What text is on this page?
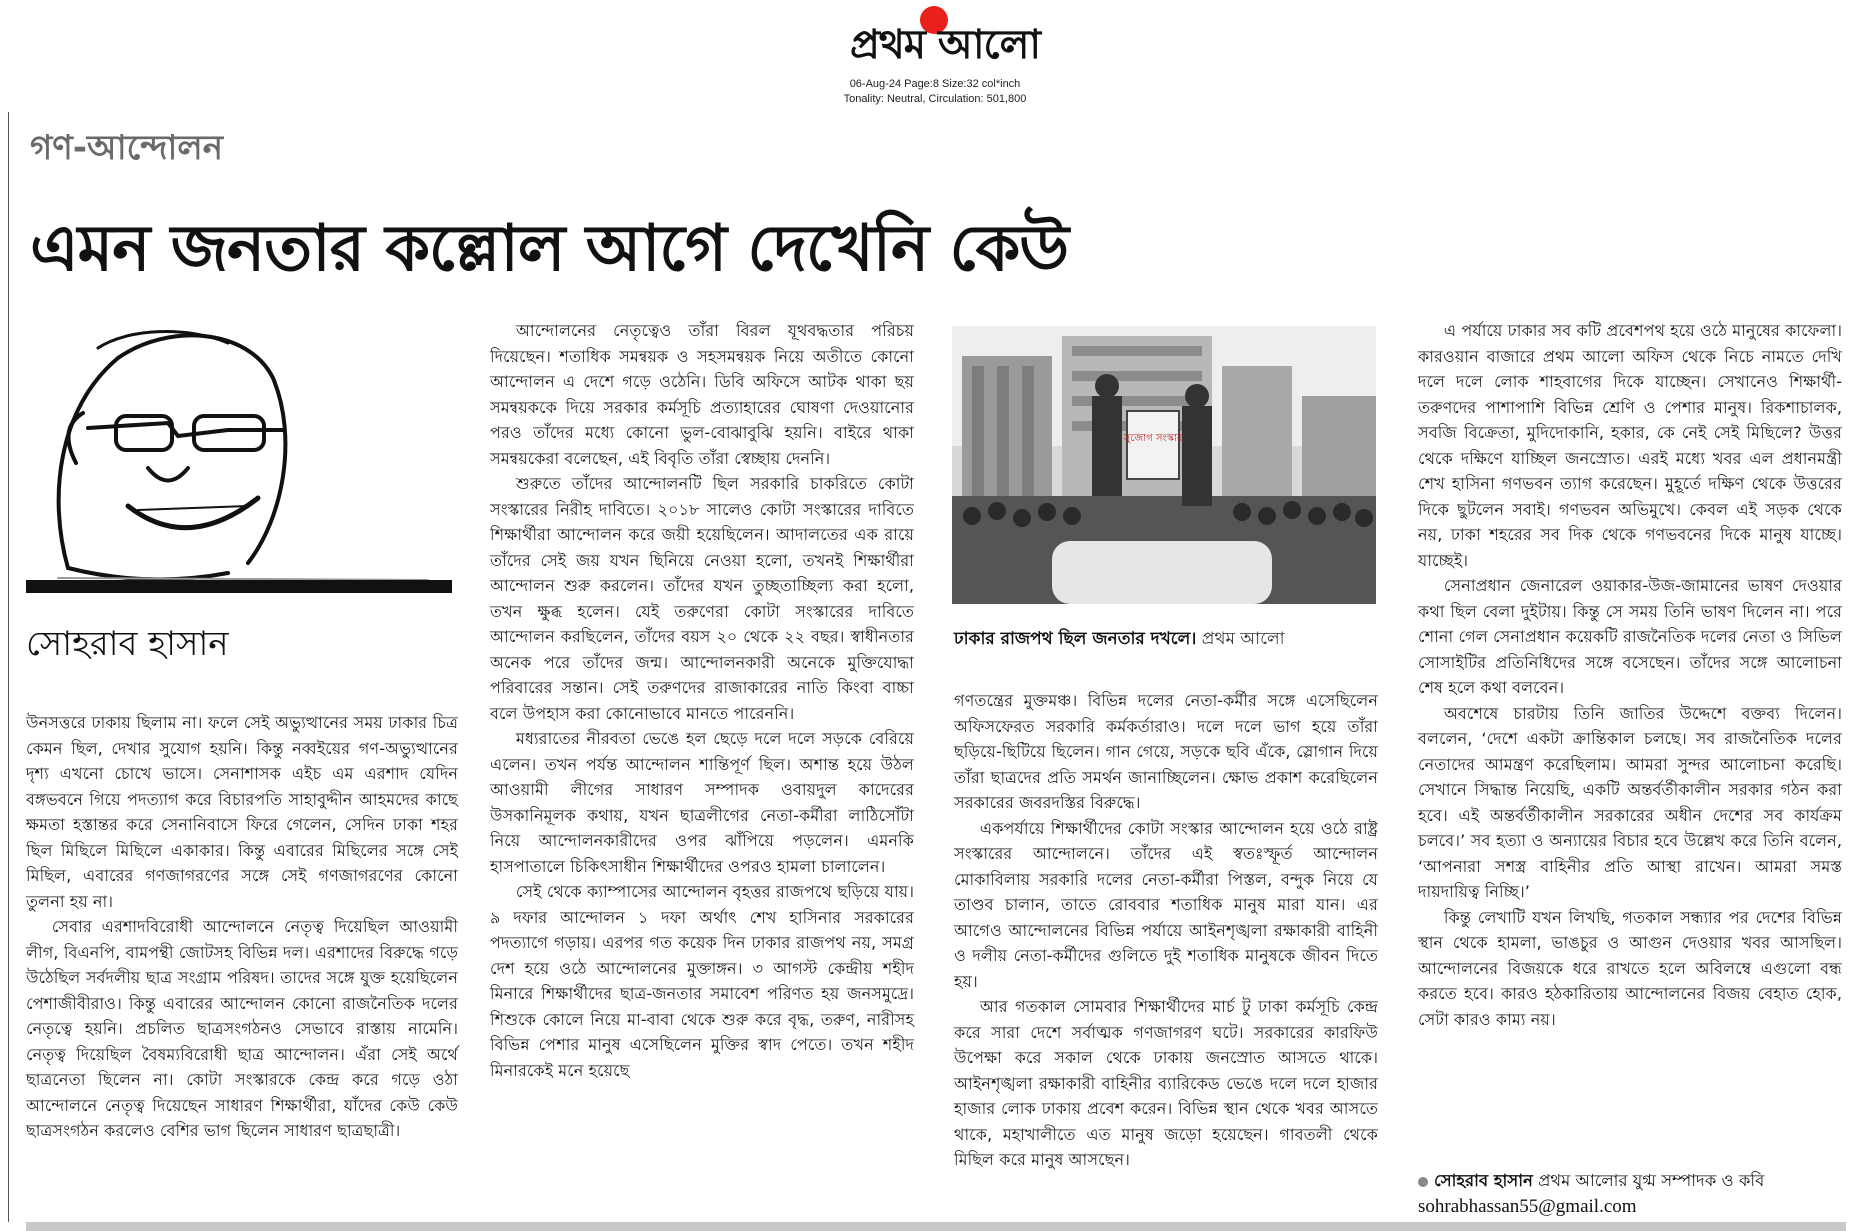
প্রথম আলো
06-Aug-24 Page:8 Size:32 col*inch
Tonality: Neutral, Circulation: 501,800
গণ-আন্দোলন
এমন জনতার কল্লোল আগে দেখেনি কেউ
সোহরাব হাসান

উনসত্তরে ঢাকায় ছিলাম না। ফলে সেই অভ্যুত্থানের সময় ঢাকার চিত্র কেমন ছিল, দেখার সুযোগ হয়নি। কিন্তু নব্বইয়ের গণ-অভ্যুত্থানের দৃশ্য এখনো চোখে ভাসে। সেনাশাসক এইচ এম এরশাদ যেদিন বঙ্গভবনে গিয়ে পদত্যাগ করে বিচারপতি সাহাবুদ্দীন আহমদের কাছে ক্ষমতা হস্তান্তর করে সেনানিবাসে ফিরে গেলেন, সেদিন ঢাকা শহর ছিল মিছিলে মিছিলে একাকার। কিন্তু এবারের মিছিলের সঙ্গে সেই মিছিল, এবারের গণজাগরণের সঙ্গে সেই গণজাগরণের কোনো তুলনা হয় না।

সেবার এরশাদবিরোধী আন্দোলনে নেতৃত্ব দিয়েছিল আওয়ামী লীগ, বিএনপি, বামপন্থী জোটসহ বিভিন্ন দল। এরশাদের বিরুদ্ধে গড়ে উঠেছিল সর্বদলীয় ছাত্র সংগ্রাম পরিষদ। তাদের সঙ্গে যুক্ত হয়েছিলেন পেশাজীবীরাও। কিন্তু এবারের আন্দোলন কোনো রাজনৈতিক দলের নেতৃত্বে হয়নি। প্রচলিত ছাত্রসংগঠনও সেভাবে রাস্তায় নামেনি। নেতৃত্ব দিয়েছিল বৈষম্যবিরোধী ছাত্র আন্দোলন। এঁরা সেই অর্থে ছাত্রনেতা ছিলেন না। কোটা সংস্কারকে কেন্দ্র করে গড়ে ওঠা আন্দোলনে নেতৃত্ব দিয়েছেন সাধারণ শিক্ষার্থীরা, যাঁদের কেউ কেউ ছাত্রসংগঠন করলেও বেশির ভাগ ছিলেন সাধারণ ছাত্রছাত্রী।

আন্দোলনের নেতৃত্বেও তাঁরা বিরল যূথবদ্ধতার পরিচয় দিয়েছেন। শতাধিক সমন্বয়ক ও সহসমন্বয়ক নিয়ে অতীতে কোনো আন্দোলন এ দেশে গড়ে ওঠেনি। ডিবি অফিসে আটক থাকা ছয় সমন্বয়ককে দিয়ে সরকার কর্মসূচি প্রত্যাহারের ঘোষণা দেওয়ানোর পরও তাঁদের মধ্যে কোনো ভুল-বোঝাবুঝি হয়নি। বাইরে থাকা সমন্বয়কেরা বলেছেন, এই বিবৃতি তাঁরা স্বেচ্ছায় দেননি।

শুরুতে তাঁদের আন্দোলনটি ছিল সরকারি চাকরিতে কোটা সংস্কারের নিরীহ দাবিতে। ২০১৮ সালেও কোটা সংস্কারের দাবিতে শিক্ষার্থীরা আন্দোলন করে জয়ী হয়েছিলেন। আদালতের এক রায়ে তাঁদের সেই জয় যখন ছিনিয়ে নেওয়া হলো, তখনই শিক্ষার্থীরা আন্দোলন শুরু করলেন। তাঁদের যখন তুচ্ছতাচ্ছিল্য করা হলো, তখন ক্ষুব্ধ হলেন। যেই তরুণেরা কোটা সংস্কারের দাবিতে আন্দোলন করছিলেন, তাঁদের বয়স ২০ থেকে ২২ বছর। স্বাধীনতার অনেক পরে তাঁদের জন্ম। আন্দোলনকারী অনেকে মুক্তিযোদ্ধা পরিবারের সন্তান। সেই তরুণদের রাজাকারের নাতি কিংবা বাচ্চা বলে উপহাস করা কোনোভাবে মানতে পারেননি।

মধ্যরাতের নীরবতা ভেঙে হল ছেড়ে দলে দলে সড়কে বেরিয়ে এলেন। তখন পর্যন্ত আন্দোলন শান্তিপূর্ণ ছিল। অশান্ত হয়ে উঠল আওয়ামী লীগের সাধারণ সম্পাদক ওবায়দুল কাদেরের উসকানিমূলক কথায়, যখন ছাত্রলীগের নেতা-কর্মীরা লাঠিসোঁটা নিয়ে আন্দোলনকারীদের ওপর ঝাঁপিয়ে পড়লেন। এমনকি হাসপাতালে চিকিৎসাধীন শিক্ষার্থীদের ওপরও হামলা চালালেন।

সেই থেকে ক্যাম্পাসের আন্দোলন বৃহত্তর রাজপথে ছড়িয়ে যায়। ৯ দফার আন্দোলন ১ দফা অর্থাৎ শেখ হাসিনার সরকারের পদত্যাগে গড়ায়। এরপর গত কয়েক দিন ঢাকার রাজপথ নয়, সমগ্র দেশ হয়ে ওঠে আন্দোলনের মুক্তাঙ্গন। ৩ আগস্ট কেন্দ্রীয় শহীদ মিনারে শিক্ষার্থীদের ছাত্র-জনতার সমাবেশ পরিণত হয় জনসমুদ্রে। শিশুকে কোলে নিয়ে মা-বাবা থেকে শুরু করে বৃদ্ধ, তরুণ, নারীসহ বিভিন্ন পেশার মানুষ এসেছিলেন মুক্তির স্বাদ পেতে। তখন শহীদ মিনারকেই মনে হয়েছে

সুজোগ সংস্কার
ঢাকার রাজপথ ছিল জনতার দখলে। প্রথম আলো

গণতন্ত্রের মুক্তমঞ্চ। বিভিন্ন দলের নেতা-কর্মীর সঙ্গে এসেছিলেন অফিসফেরত সরকারি কর্মকর্তারাও। দলে দলে ভাগ হয়ে তাঁরা ছড়িয়ে-ছিটিয়ে ছিলেন। গান গেয়ে, সড়কে ছবি এঁকে, স্লোগান দিয়ে তাঁরা ছাত্রদের প্রতি সমর্থন জানাচ্ছিলেন। ক্ষোভ প্রকাশ করেছিলেন সরকারের জবরদস্তির বিরুদ্ধে।

একপর্যায়ে শিক্ষার্থীদের কোটা সংস্কার আন্দোলন হয়ে ওঠে রাষ্ট্র সংস্কারের আন্দোলনে। তাঁদের এই স্বতঃস্ফূর্ত আন্দোলন মোকাবিলায় সরকারি দলের নেতা-কর্মীরা পিস্তল, বন্দুক নিয়ে যে তাণ্ডব চালান, তাতে রোববার শতাধিক মানুষ মারা যান। এর আগেও আন্দোলনের বিভিন্ন পর্যায়ে আইনশৃঙ্খলা রক্ষাকারী বাহিনী ও দলীয় নেতা-কর্মীদের গুলিতে দুই শতাধিক মানুষকে জীবন দিতে হয়।

আর গতকাল সোমবার শিক্ষার্থীদের মার্চ টু ঢাকা কর্মসূচি কেন্দ্র করে সারা দেশে সর্বাত্মক গণজাগরণ ঘটে। সরকারের কারফিউ উপেক্ষা করে সকাল থেকে ঢাকায় জনস্রোত আসতে থাকে। আইনশৃঙ্খলা রক্ষাকারী বাহিনীর ব্যারিকেড ভেঙে দলে দলে হাজার হাজার লোক ঢাকায় প্রবেশ করেন। বিভিন্ন স্থান থেকে খবর আসতে থাকে, মহাখালীতে এত মানুষ জড়ো হয়েছেন। গাবতলী থেকে মিছিল করে মানুষ আসছেন।

এ পর্যায়ে ঢাকার সব কটি প্রবেশপথ হয়ে ওঠে মানুষের কাফেলা। কারওয়ান বাজারে প্রথম আলো অফিস থেকে নিচে নামতে দেখি দলে দলে লোক শাহবাগের দিকে যাচ্ছেন। সেখানেও শিক্ষার্থী-তরুণদের পাশাপাশি বিভিন্ন শ্রেণি ও পেশার মানুষ। রিকশাচালক, সবজি বিক্রেতা, মুদিদোকানি, হকার, কে নেই সেই মিছিলে? উত্তর থেকে দক্ষিণে যাচ্ছিল জনস্রোত। এরই মধ্যে খবর এল প্রধানমন্ত্রী শেখ হাসিনা গণভবন ত্যাগ করেছেন। মুহূর্তে দক্ষিণ থেকে উত্তরের দিকে ছুটলেন সবাই। গণভবন অভিমুখে। কেবল এই সড়ক থেকে নয়, ঢাকা শহরের সব দিক থেকে গণভবনের দিকে মানুষ যাচ্ছে। যাচ্ছেই।

সেনাপ্রধান জেনারেল ওয়াকার-উজ-জামানের ভাষণ দেওয়ার কথা ছিল বেলা দুইটায়। কিন্তু সে সময় তিনি ভাষণ দিলেন না। পরে শোনা গেল সেনাপ্রধান কয়েকটি রাজনৈতিক দলের নেতা ও সিভিল সোসাইটির প্রতিনিধিদের সঙ্গে বসেছেন। তাঁদের সঙ্গে আলোচনা শেষ হলে কথা বলবেন।

অবশেষে চারটায় তিনি জাতির উদ্দেশে বক্তব্য দিলেন। বললেন, ‘দেশে একটা ক্রান্তিকাল চলছে। সব রাজনৈতিক দলের নেতাদের আমন্ত্রণ করেছিলাম। আমরা সুন্দর আলোচনা করেছি। সেখানে সিদ্ধান্ত নিয়েছি, একটি অন্তর্বর্তীকালীন সরকার গঠন করা হবে। এই অন্তর্বর্তীকালীন সরকারের অধীন দেশের সব কার্যক্রম চলবে।’ সব হত্যা ও অন্যায়ের বিচার হবে উল্লেখ করে তিনি বলেন, ‘আপনারা সশস্ত্র বাহিনীর প্রতি আস্থা রাখেন। আমরা সমস্ত দায়দায়িত্ব নিচ্ছি।’

কিন্তু লেখাটি যখন লিখছি, গতকাল সন্ধ্যার পর দেশের বিভিন্ন স্থান থেকে হামলা, ভাঙচুর ও আগুন দেওয়ার খবর আসছিল। আন্দোলনের বিজয়কে ধরে রাখতে হলে অবিলম্বে এগুলো বন্ধ করতে হবে। কারও হঠকারিতায় আন্দোলনের বিজয় বেহাত হোক, সেটা কারও কাম্য নয়।

সোহরাব হাসান প্রথম আলোর যুগ্ম সম্পাদক ও কবি
sohrabhassan55@gmail.com
